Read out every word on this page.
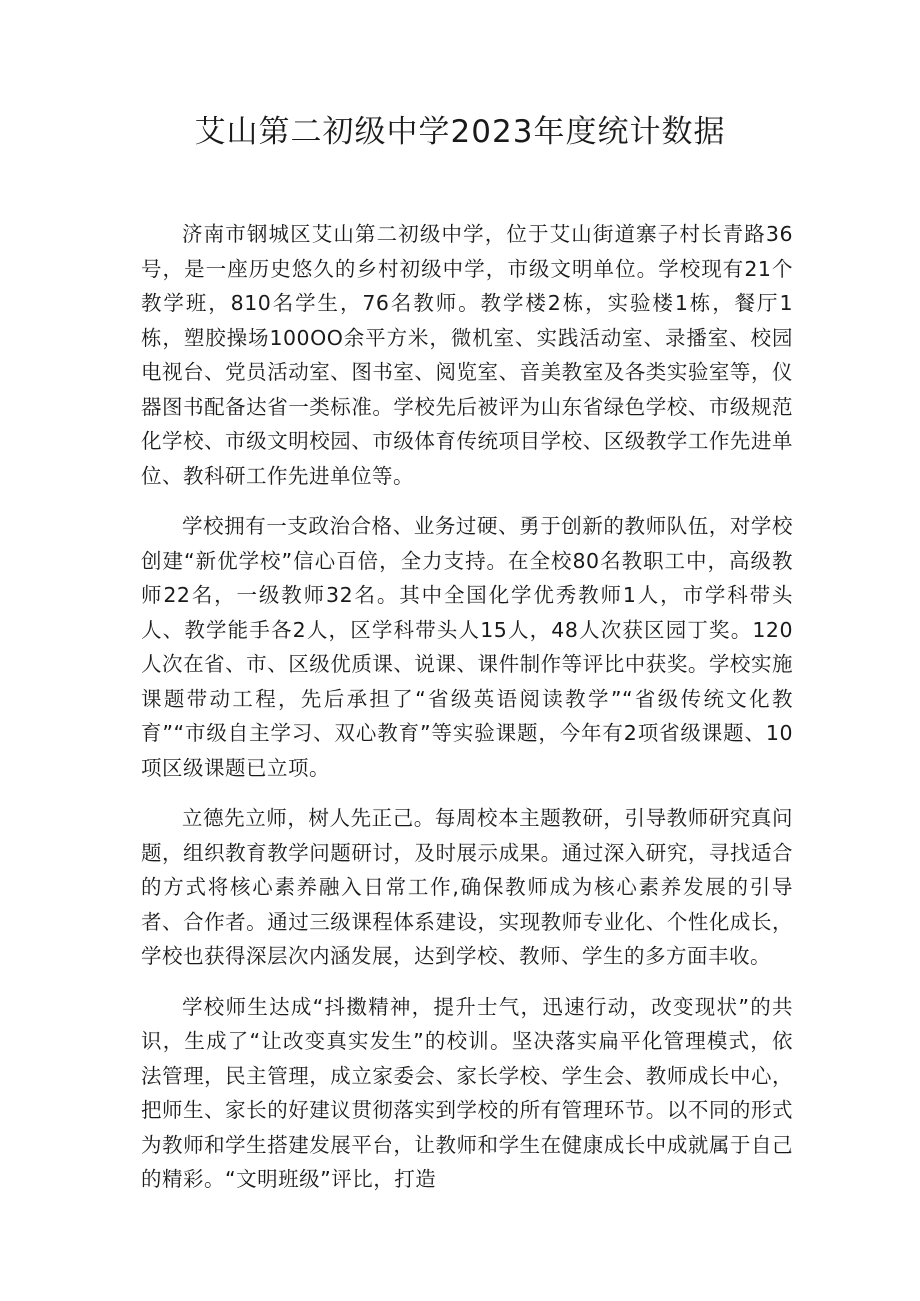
艾山第二初级中学2023年度统计数据

济南市钢城区艾山第二初级中学，位于艾山街道寨子村长青路36号，是一座历史悠久的乡村初级中学，市级文明单位。学校现有21个教学班，810名学生，76名教师。教学楼2栋，实验楼1栋，餐厅1栋，塑胶操场100OO余平方米，微机室、实践活动室、录播室、校园电视台、党员活动室、图书室、阅览室、音美教室及各类实验室等，仪器图书配备达省一类标准。学校先后被评为山东省绿色学校、市级规范化学校、市级文明校园、市级体育传统项目学校、区级教学工作先进单位、教科研工作先进单位等。

学校拥有一支政治合格、业务过硬、勇于创新的教师队伍，对学校创建“新优学校”信心百倍，全力支持。在全校80名教职工中，高级教师22名，一级教师32名。其中全国化学优秀教师1人，市学科带头人、教学能手各2人，区学科带头人15人，48人次获区园丁奖。120人次在省、市、区级优质课、说课、课件制作等评比中获奖。学校实施课题带动工程，先后承担了“省级英语阅读教学”“省级传统文化教育”“市级自主学习、双心教育”等实验课题，今年有2项省级课题、10项区级课题已立项。

立德先立师，树人先正己。每周校本主题教研，引导教师研究真问题，组织教育教学问题研讨，及时展示成果。通过深入研究，寻找适合的方式将核心素养融入日常工作,确保教师成为核心素养发展的引导者、合作者。通过三级课程体系建设，实现教师专业化、个性化成长，学校也获得深层次内涵发展，达到学校、教师、学生的多方面丰收。

学校师生达成“抖擞精神，提升士气，迅速行动，改变现状”的共识，生成了“让改变真实发生”的校训。坚决落实扁平化管理模式，依法管理，民主管理，成立家委会、家长学校、学生会、教师成长中心，把师生、家长的好建议贯彻落实到学校的所有管理环节。以不同的形式为教师和学生搭建发展平台，让教师和学生在健康成长中成就属于自己的精彩。“文明班级”评比，打造
